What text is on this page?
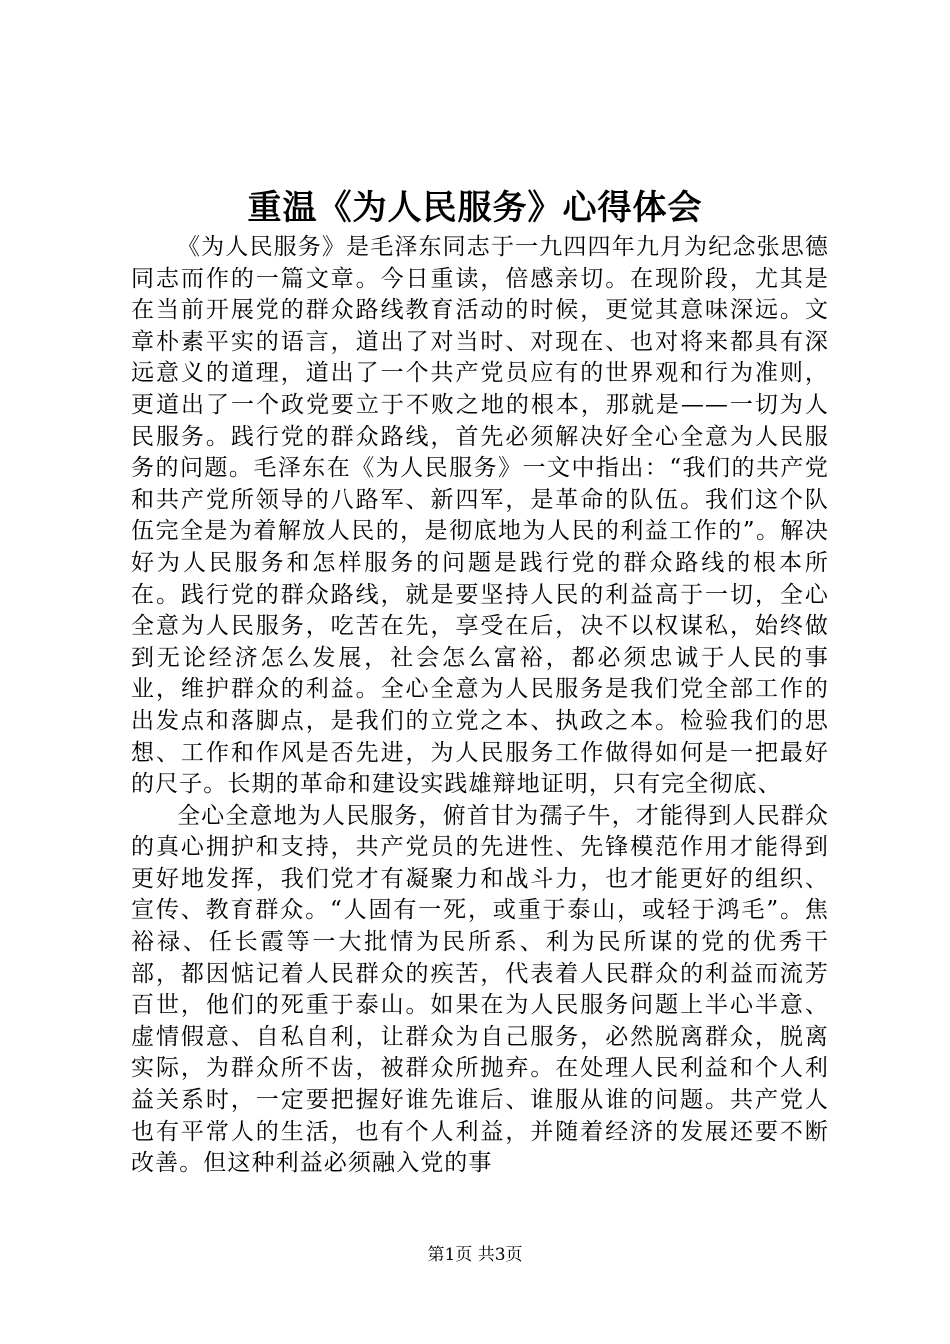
重温《为人民服务》心得体会

《为人民服务》是毛泽东同志于一九四四年九月为纪念张思德同志而作的一篇文章。今日重读，倍感亲切。在现阶段，尤其是在当前开展党的群众路线教育活动的时候，更觉其意味深远。文章朴素平实的语言，道出了对当时、对现在、也对将来都具有深远意义的道理，道出了一个共产党员应有的世界观和行为准则，更道出了一个政党要立于不败之地的根本，那就是——一切为人民服务。践行党的群众路线，首先必须解决好全心全意为人民服务的问题。毛泽东在《为人民服务》一文中指出：“我们的共产党和共产党所领导的八路军、新四军，是革命的队伍。我们这个队伍完全是为着解放人民的，是彻底地为人民的利益工作的”。解决好为人民服务和怎样服务的问题是践行党的群众路线的根本所在。践行党的群众路线，就是要坚持人民的利益高于一切，全心全意为人民服务，吃苦在先，享受在后，决不以权谋私，始终做到无论经济怎么发展，社会怎么富裕，都必须忠诚于人民的事业，维护群众的利益。全心全意为人民服务是我们党全部工作的出发点和落脚点，是我们的立党之本、执政之本。检验我们的思想、工作和作风是否先进，为人民服务工作做得如何是一把最好的尺子。长期的革命和建设实践雄辩地证明，只有完全彻底、

全心全意地为人民服务，俯首甘为孺子牛，才能得到人民群众的真心拥护和支持，共产党员的先进性、先锋模范作用才能得到更好地发挥，我们党才有凝聚力和战斗力，也才能更好的组织、宣传、教育群众。“人固有一死，或重于泰山，或轻于鸿毛”。焦裕禄、任长霞等一大批情为民所系、利为民所谋的党的优秀干部，都因惦记着人民群众的疾苦，代表着人民群众的利益而流芳百世，他们的死重于泰山。如果在为人民服务问题上半心半意、虚情假意、自私自利，让群众为自己服务，必然脱离群众，脱离实际，为群众所不齿，被群众所抛弃。在处理人民利益和个人利益关系时，一定要把握好谁先谁后、谁服从谁的问题。共产党人也有平常人的生活，也有个人利益，并随着经济的发展还要不断改善。但这种利益必须融入党的事

第1页 共3页
